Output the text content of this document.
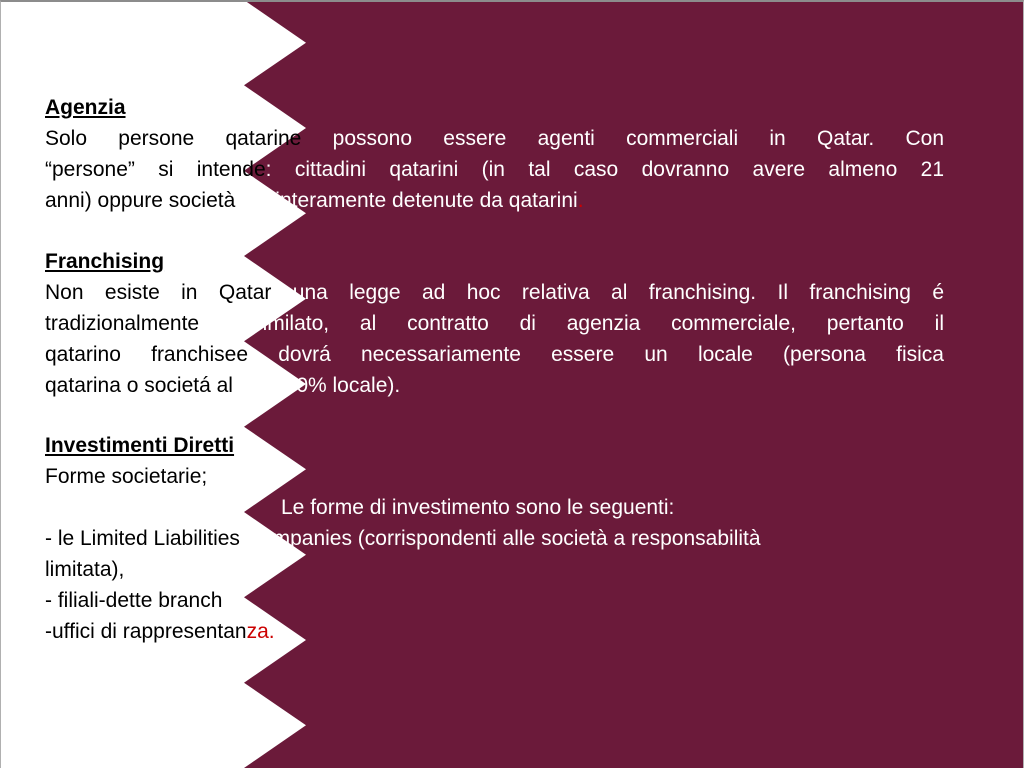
Agenzia

Solo persone qatarine possono essere agenti commerciali in Qatar. Con

“persone” si intende: cittadini qatarini (in tal caso dovranno avere almeno 21

anni) oppure società interamente detenute da qatarini.

Franchising

Non esiste in Qatar una legge ad hoc relativa al franchising. Il franchising é

tradizionalmente assimilato, al contratto di agenzia commerciale, pertanto il

qatarino franchisee dovrá necessariamente essere un locale (persona fisica

qatarina o societá al 100% locale).

Investimenti Diretti

Forme societarie;

Le forme di investimento sono le seguenti:

- le Limited Liabilities Companies (corrispondenti alle società a responsabilità

limitata),

- filiali-dette branch

-uffici di rappresentanza.
